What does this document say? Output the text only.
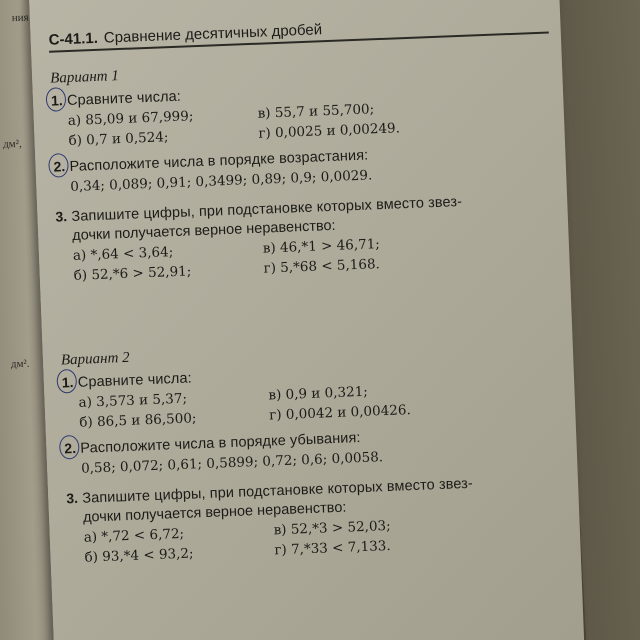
ния
дм²,
дм².
С-41.1. Сравнение десятичных дробей
Вариант 1
1. Сравните числа:
а) 85,09 и 67,999;	в) 55,7 и 55,700;
б) 0,7 и 0,524;	г) 0,0025 и 0,00249.
2. Расположите числа в порядке возрастания:
0,34; 0,089; 0,91; 0,3499; 0,89; 0,9; 0,0029.
3. Запишите цифры, при подстановке которых вместо звез-
дочки получается верное неравенство:
а) *,64 < 3,64;	в) 46,*1 > 46,71;
б) 52,*6 > 52,91;	г) 5,*68 < 5,168.
Вариант 2
1. Сравните числа:
а) 3,573 и 5,37;	в) 0,9 и 0,321;
б) 86,5 и 86,500;	г) 0,0042 и 0,00426.
2. Расположите числа в порядке убывания:
0,58; 0,072; 0,61; 0,5899; 0,72; 0,6; 0,0058.
3. Запишите цифры, при подстановке которых вместо звез-
дочки получается верное неравенство:
а) *,72 < 6,72;	в) 52,*3 > 52,03;
б) 93,*4 < 93,2;	г) 7,*33 < 7,133.
